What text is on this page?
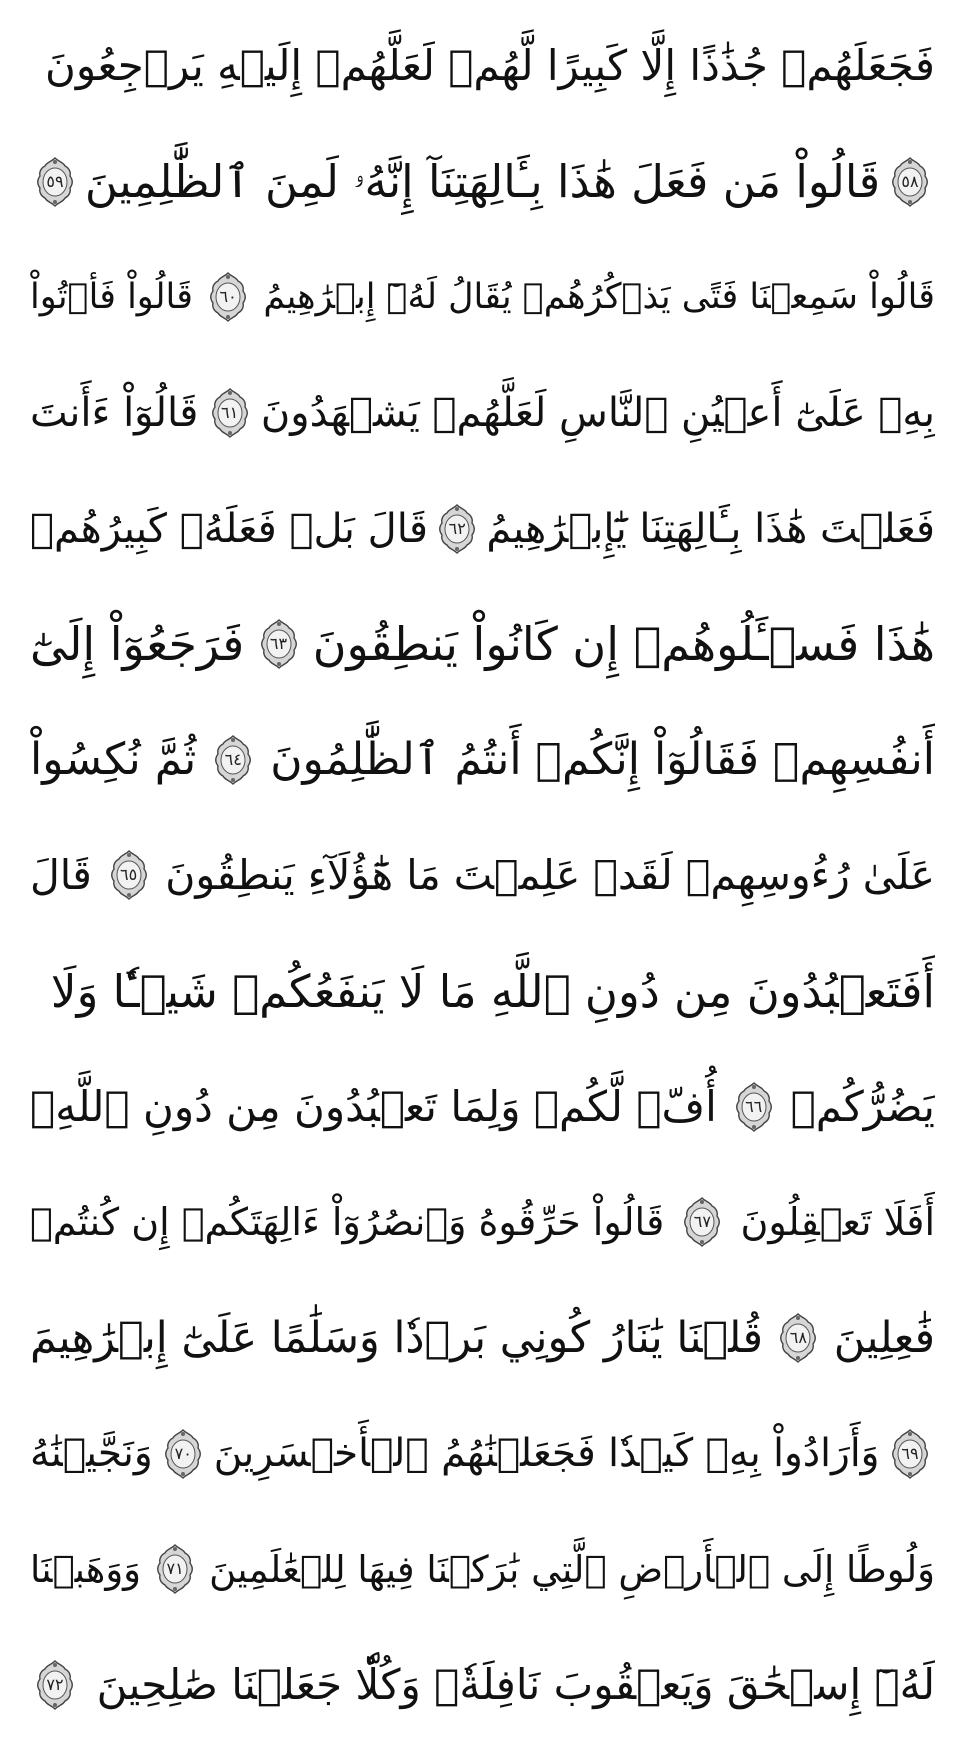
فَجَعَلَهُمۡ جُذَٰذًا إِلَّا كَبِيرًا لَّهُمۡ لَعَلَّهُمۡ إِلَيۡهِ يَرۡجِعُونَ
٥٨
قَالُواْ مَن فَعَلَ هَٰذَا بِـَٔالِهَتِنَآ إِنَّهُۥ لَمِنَ ٱلظَّٰلِمِينَ
٥٩
قَالُواْ سَمِعۡنَا فَتًى يَذۡكُرُهُمۡ يُقَالُ لَهُۥٓ إِبۡرَٰهِيمُ
٦٠
قَالُواْ فَأۡتُواْ
بِهِۦ عَلَىٰٓ أَعۡيُنِ ٱلنَّاسِ لَعَلَّهُمۡ يَشۡهَدُونَ
٦١
قَالُوٓاْ ءَأَنتَ
فَعَلۡتَ هَٰذَا بِـَٔالِهَتِنَا يَٰٓإِبۡرَٰهِيمُ
٦٢
قَالَ بَلۡ فَعَلَهُۥ كَبِيرُهُمۡ
هَٰذَا فَسۡـَٔلُوهُمۡ إِن كَانُواْ يَنطِقُونَ
٦٣
فَرَجَعُوٓاْ إِلَىٰٓ
أَنفُسِهِمۡ فَقَالُوٓاْ إِنَّكُمۡ أَنتُمُ ٱلظَّٰلِمُونَ
٦٤
ثُمَّ نُكِسُواْ
عَلَىٰ رُءُوسِهِمۡ لَقَدۡ عَلِمۡتَ مَا هَٰٓؤُلَآءِ يَنطِقُونَ
٦٥
قَالَ
أَفَتَعۡبُدُونَ مِن دُونِ ٱللَّهِ مَا لَا يَنفَعُكُمۡ شَيۡـٔٗا وَلَا
يَضُرُّكُمۡ
٦٦
أُفّٖ لَّكُمۡ وَلِمَا تَعۡبُدُونَ مِن دُونِ ٱللَّهِۚ
أَفَلَا تَعۡقِلُونَ
٦٧
قَالُواْ حَرِّقُوهُ وَٱنصُرُوٓاْ ءَالِهَتَكُمۡ إِن كُنتُمۡ
فَٰعِلِينَ
٦٨
قُلۡنَا يَٰنَارُ كُونِي بَرۡدٗا وَسَلَٰمًا عَلَىٰٓ إِبۡرَٰهِيمَ
٦٩
وَأَرَادُواْ بِهِۦ كَيۡدٗا فَجَعَلۡنَٰهُمُ ٱلۡأَخۡسَرِينَ
٧٠
وَنَجَّيۡنَٰهُ
وَلُوطًا إِلَى ٱلۡأَرۡضِ ٱلَّتِي بَٰرَكۡنَا فِيهَا لِلۡعَٰلَمِينَ
٧١
وَوَهَبۡنَا
لَهُۥٓ إِسۡحَٰقَ وَيَعۡقُوبَ نَافِلَةٗۖ وَكُلّٗا جَعَلۡنَا صَٰلِحِينَ
٧٢
